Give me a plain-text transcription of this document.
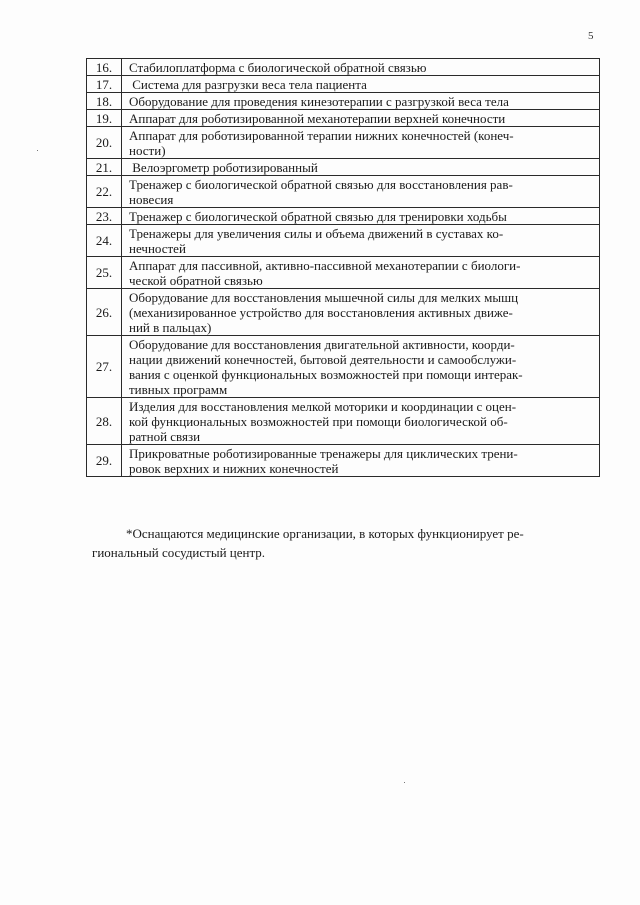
5
16.	Стабилоплатформа с биологической обратной связью

17.	Система для разгрузки веса тела пациента

18.	Оборудование для проведения кинезотерапии с разгрузкой веса тела

19.	Аппарат для роботизированной механотерапии верхней конечности

20.	Аппарат для роботизированной терапии нижних конечностей (конеч-
ности)

21.	Велоэргометр роботизированный

22.	Тренажер с биологической обратной связью для восстановления рав-
новесия

23.	Тренажер с биологической обратной связью для тренировки ходьбы

24.	Тренажеры для увеличения силы и объема движений в суставах ко-
нечностей

25.	Аппарат для пассивной, активно-пассивной механотерапии с биологи-
ческой обратной связью

26.	Оборудование для восстановления мышечной силы для мелких мышц
(механизированное устройство для восстановления активных движе-
ний в пальцах)

27.	Оборудование для восстановления двигательной активности, коорди-
нации движений конечностей, бытовой деятельности и самообслужи-
вания с оценкой функциональных возможностей при помощи интерак-
тивных программ

28.	Изделия для восстановления мелкой моторики и координации с оцен-
кой функциональных возможностей при помощи биологической об-
ратной связи

29.	Прикроватные роботизированные тренажеры для циклических трени-
ровок верхних и нижних конечностей

*Оснащаются медицинские организации, в которых функционирует ре-
гиональный сосудистый центр.
